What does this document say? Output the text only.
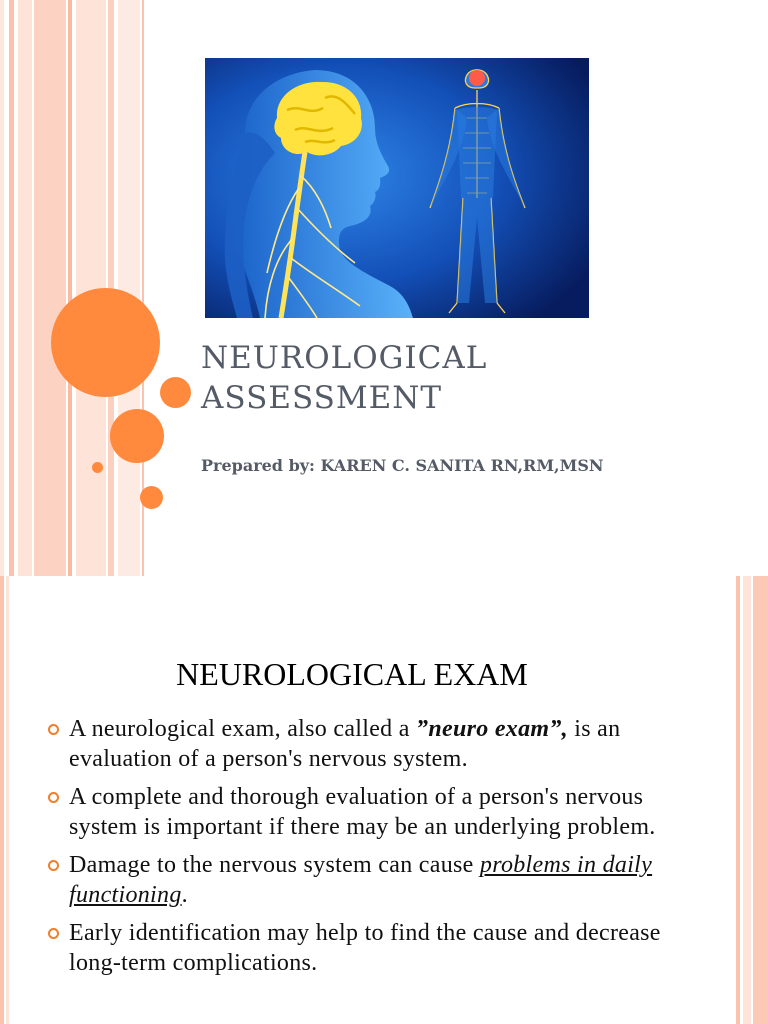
NEUROLOGICAL
ASSESSMENT
Prepared by: KAREN C. SANITA RN,RM,MSN
NEUROLOGICAL EXAM
A neurological exam, also called a ”neuro exam”, is an evaluation of a person's nervous system.
A complete and thorough evaluation of a person's nervous system is important if there may be an underlying problem.
Damage to the nervous system can cause problems in daily functioning.
Early identification may help to find the cause and decrease long-term complications.
